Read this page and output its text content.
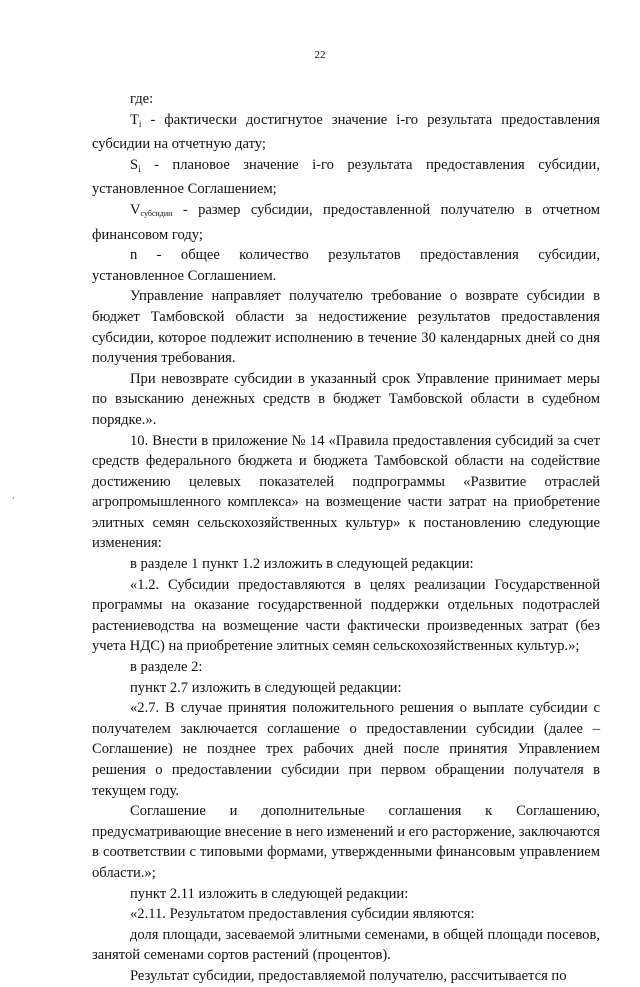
22
,

где:

$T_i$ - фактически достигнутое значение i-го результата предоставления субсидии на отчетную дату;

$S_i$ - плановое значение i-го результата предоставления субсидии, установленное Соглашением;

Vсубсидии - размер субсидии, предоставленной получателю в отчетном финансовом году;

n - общее количество результатов предоставления субсидии, установленное Соглашением.

Управление направляет получателю требование о возврате субсидии в бюджет Тамбовской области за недостижение результатов предоставления субсидии, которое подлежит исполнению в течение 30 календарных дней со дня получения требования.

При невозврате субсидии в указанный срок Управление принимает меры по взысканию денежных средств в бюджет Тамбовской области в судебном порядке.».

10. Внести в приложение № 14 «Правила предоставления субсидий за счет средств федерального бюджета и бюджета Тамбовской области на содействие достижению целевых показателей подпрограммы «Развитие отраслей агропромышленного комплекса» на возмещение части затрат на приобретение элитных семян сельскохозяйственных культур» к постановлению следующие изменения:

в разделе 1 пункт 1.2 изложить в следующей редакции:

«1.2. Субсидии предоставляются в целях реализации Государственной программы на оказание государственной поддержки отдельных подотраслей растениеводства на возмещение части фактически произведенных затрат (без учета НДС) на приобретение элитных семян сельскохозяйственных культур.»;

в разделе 2:

пункт 2.7 изложить в следующей редакции:

«2.7. В случае принятия положительного решения о выплате субсидии с получателем заключается соглашение о предоставлении субсидии (далее – Соглашение) не позднее трех рабочих дней после принятия Управлением решения о предоставлении субсидии при первом обращении получателя в текущем году.

Соглашение и дополнительные соглашения к Соглашению, предусматривающие внесение в него изменений и его расторжение, заключаются в соответствии с типовыми формами, утвержденными финансовым управлением области.»;

пункт 2.11 изложить в следующей редакции:

«2.11. Результатом предоставления субсидии являются:

доля площади, засеваемой элитными семенами, в общей площади посевов, занятой семенами сортов растений (процентов).

Результат субсидии, предоставляемой получателю, рассчитывается по
